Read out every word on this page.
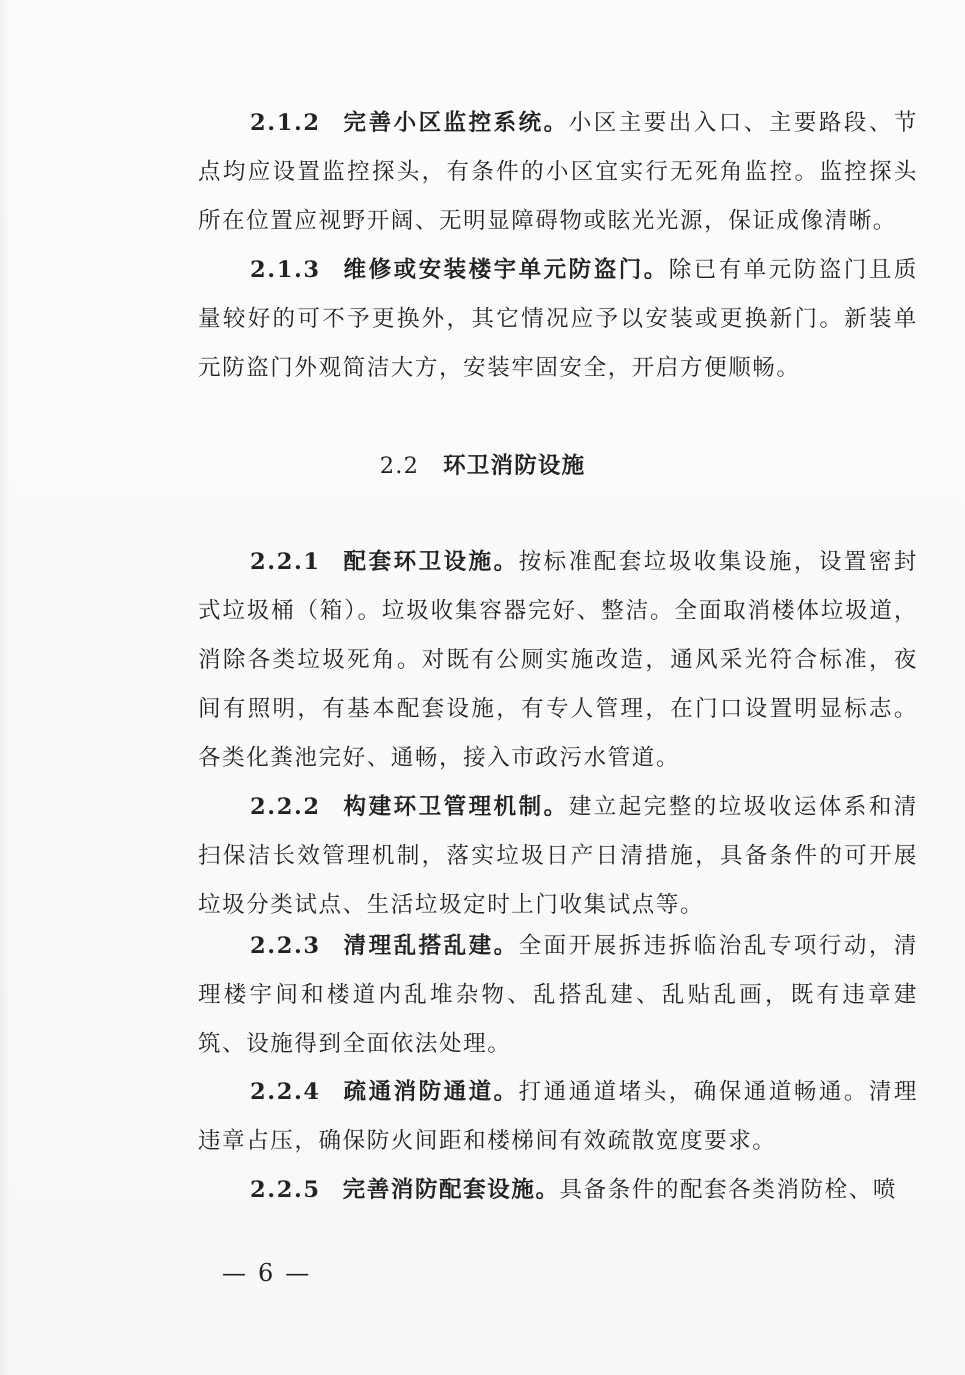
2.1.2 完善小区监控系统。小区主要出入口、主要路段、节点均应设置监控探头，有条件的小区宜实行无死角监控。监控探头所在位置应视野开阔、无明显障碍物或眩光光源，保证成像清晰。
2.1.3 维修或安装楼宇单元防盗门。除已有单元防盗门且质量较好的可不予更换外，其它情况应予以安装或更换新门。新装单元防盗门外观简洁大方，安装牢固安全，开启方便顺畅。
2.2 环卫消防设施
2.2.1 配套环卫设施。按标准配套垃圾收集设施，设置密封式垃圾桶（箱）。垃圾收集容器完好、整洁。全面取消楼体垃圾道，消除各类垃圾死角。对既有公厕实施改造，通风采光符合标准，夜间有照明，有基本配套设施，有专人管理，在门口设置明显标志。各类化粪池完好、通畅，接入市政污水管道。
2.2.2 构建环卫管理机制。建立起完整的垃圾收运体系和清扫保洁长效管理机制，落实垃圾日产日清措施，具备条件的可开展垃圾分类试点、生活垃圾定时上门收集试点等。
2.2.3 清理乱搭乱建。全面开展拆违拆临治乱专项行动，清理楼宇间和楼道内乱堆杂物、乱搭乱建、乱贴乱画，既有违章建筑、设施得到全面依法处理。
2.2.4 疏通消防通道。打通通道堵头，确保通道畅通。清理违章占压，确保防火间距和楼梯间有效疏散宽度要求。
2.2.5 完善消防配套设施。具备条件的配套各类消防栓、喷
— 6 —
